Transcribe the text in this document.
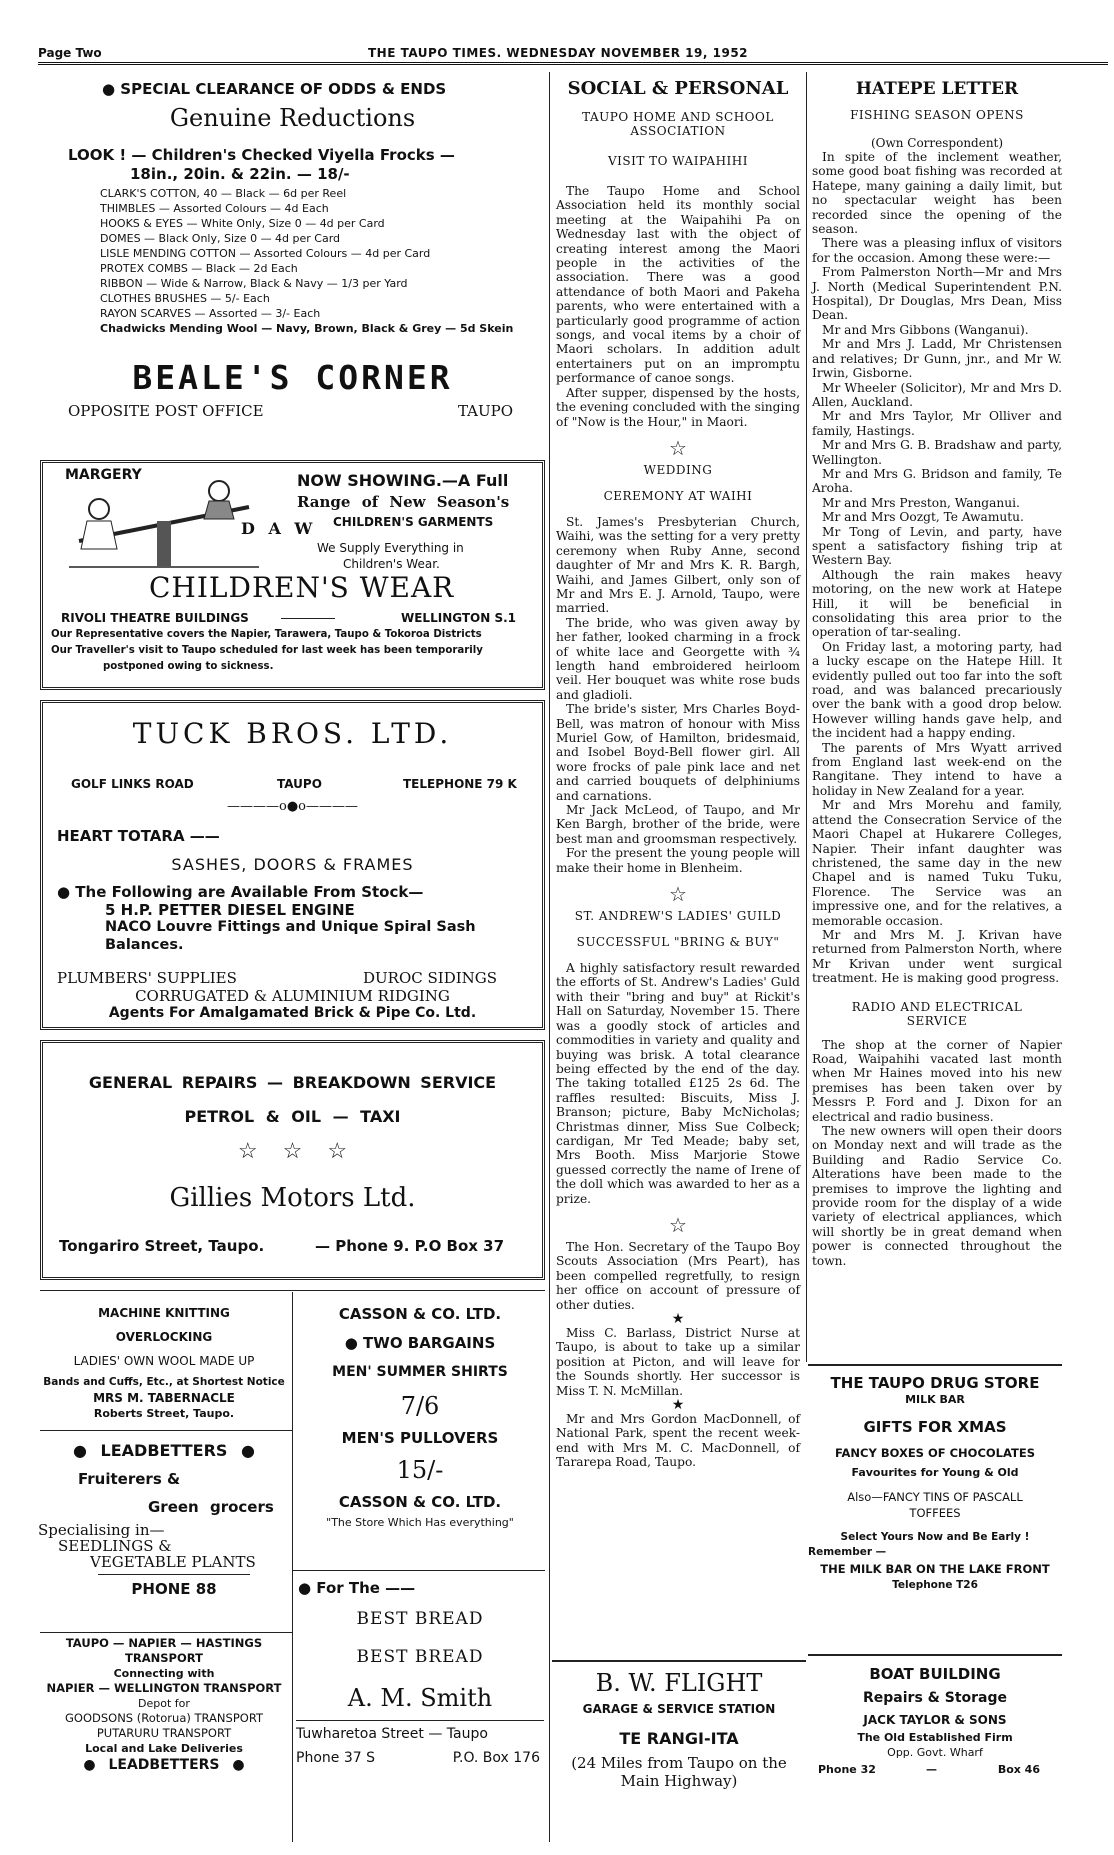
Page Two	THE TAUPO TIMES. WEDNESDAY NOVEMBER 19, 1952
● SPECIAL CLEARANCE OF ODDS & ENDS
Genuine Reductions
LOOK ! — Children's Checked Viyella Frocks —
18in., 20in. & 22in. — 18/-
CLARK'S COTTON, 40 — Black — 6d per Reel
THIMBLES — Assorted Colours — 4d Each
HOOKS & EYES — White Only, Size 0 — 4d per Card
DOMES — Black Only, Size 0 — 4d per Card
LISLE MENDING COTTON — Assorted Colours — 4d per Card
PROTEX COMBS — Black — 2d Each
RIBBON — Wide & Narrow, Black & Navy — 1/3 per Yard
CLOTHES BRUSHES — 5/- Each
RAYON SCARVES — Assorted — 3/- Each
Chadwicks Mending Wool — Navy, Brown, Black & Grey — 5d Skein
BEALE'S CORNER
OPPOSITE POST OFFICE	TAUPO
MARGERY
D A W
NOW SHOWING.—A Full
Range of New Season's
CHILDREN'S GARMENTS
We Supply Everything in
Children's Wear.
CHILDREN'S WEAR
RIVOLI THEATRE BUILDINGS	WELLINGTON S.1
Our Representative covers the Napier, Tarawera, Taupo & Tokoroa Districts
Our Traveller's visit to Taupo scheduled for last week has been temporarily
postponed owing to sickness.
TUCK BROS. LTD.
GOLF LINKS ROAD	TAUPO	TELEPHONE 79 K
————o●o————
HEART TOTARA ——
SASHES, DOORS & FRAMES
● The Following are Available From Stock—
5 H.P. PETTER DIESEL ENGINE
NACO Louvre Fittings and Unique Spiral Sash
Balances.
PLUMBERS' SUPPLIES	DUROC SIDINGS
CORRUGATED & ALUMINIUM RIDGING
Agents For Amalgamated Brick & Pipe Co. Ltd.
GENERAL REPAIRS — BREAKDOWN SERVICE
PETROL & OIL — TAXI
☆ ☆ ☆
Gillies Motors Ltd.
Tongariro Street, Taupo.	— Phone 9. P.O Box 37
MACHINE KNITTING
OVERLOCKING
LADIES' OWN WOOL MADE UP
Bands and Cuffs, Etc., at Shortest Notice
MRS M. TABERNACLE
Roberts Street, Taupo.
● LEADBETTERS ●
Fruiterers &
Green grocers
Specialising in—
SEEDLINGS &
VEGETABLE PLANTS
PHONE 88
TAUPO — NAPIER — HASTINGS
TRANSPORT
Connecting with
NAPIER — WELLINGTON TRANSPORT
Depot for
GOODSONS (Rotorua) TRANSPORT
PUTARURU TRANSPORT
Local and Lake Deliveries
● LEADBETTERS ●
CASSON & CO. LTD.
● TWO BARGAINS
MEN' SUMMER SHIRTS
7/6
MEN'S PULLOVERS
15/-
CASSON & CO. LTD.
"The Store Which Has everything"
● For The ——
BEST BREAD
BEST BREAD
A. M. Smith
Tuwharetoa Street — Taupo
Phone 37 S	P.O. Box 176
SOCIAL & PERSONAL
TAUPO HOME AND SCHOOL ASSOCIATION
VISIT TO WAIPAHIHI
The Taupo Home and School Association held its monthly social meeting at the Waipahihi Pa on Wednesday last with the object of creating interest among the Maori people in the activities of the association. There was a good attendance of both Maori and Pakeha parents, who were entertained with a particularly good programme of action songs, and vocal items by a choir of Maori scholars. In addition adult entertainers put on an impromptu performance of canoe songs.
After supper, dispensed by the hosts, the evening concluded with the singing of "Now is the Hour," in Maori.
☆
WEDDING
CEREMONY AT WAIHI
St. James's Presbyterian Church, Waihi, was the setting for a very pretty ceremony when Ruby Anne, second daughter of Mr and Mrs K. R. Bargh, Waihi, and James Gilbert, only son of Mr and Mrs E. J. Arnold, Taupo, were married.
The bride, who was given away by her father, looked charming in a frock of white lace and Georgette with ¾ length hand embroidered heirloom veil. Her bouquet was white rose buds and gladioli.
The bride's sister, Mrs Charles Boyd-Bell, was matron of honour with Miss Muriel Gow, of Hamilton, bridesmaid, and Isobel Boyd-Bell flower girl. All wore frocks of pale pink lace and net and carried bouquets of delphiniums and carnations.
Mr Jack McLeod, of Taupo, and Mr Ken Bargh, brother of the bride, were best man and groomsman respectively.
For the present the young people will make their home in Blenheim.
☆
ST. ANDREW'S LADIES' GUILD
SUCCESSFUL "BRING & BUY"
A highly satisfactory result rewarded the efforts of St. Andrew's Ladies' Guld with their "bring and buy" at Rickit's Hall on Saturday, November 15. There was a goodly stock of articles and commodities in variety and quality and buying was brisk. A total clearance being effected by the end of the day. The taking totalled £125 2s 6d. The raffles resulted: Biscuits, Miss J. Branson; picture, Baby McNicholas; Christmas dinner, Miss Sue Colbeck; cardigan, Mr Ted Meade; baby set, Mrs Booth. Miss Marjorie Stowe guessed correctly the name of Irene of the doll which was awarded to her as a prize.
☆
The Hon. Secretary of the Taupo Boy Scouts Association (Mrs Peart), has been compelled regretfully, to resign her office on account of pressure of other duties.
★
Miss C. Barlass, District Nurse at Taupo, is about to take up a similar position at Picton, and will leave for the Sounds shortly. Her successor is Miss T. N. McMillan.
★
Mr and Mrs Gordon MacDonnell, of National Park, spent the recent week-end with Mrs M. C. MacDonnell, of Tararepa Road, Taupo.
B. W. FLIGHT
GARAGE & SERVICE STATION
TE RANGI-ITA
(24 Miles from Taupo on the
Main Highway)
HATEPE LETTER
FISHING SEASON OPENS
(Own Correspondent)
In spite of the inclement weather, some good boat fishing was recorded at Hatepe, many gaining a daily limit, but no spectacular weight has been recorded since the opening of the season.
There was a pleasing influx of visitors for the occasion. Among these were:—
From Palmerston North—Mr and Mrs J. North (Medical Superintendent P.N. Hospital), Dr Douglas, Mrs Dean, Miss Dean.
Mr and Mrs Gibbons (Wanganui).
Mr and Mrs J. Ladd, Mr Christensen and relatives; Dr Gunn, jnr., and Mr W. Irwin, Gisborne.
Mr Wheeler (Solicitor), Mr and Mrs D. Allen, Auckland.
Mr and Mrs Taylor, Mr Olliver and family, Hastings.
Mr and Mrs G. B. Bradshaw and party, Wellington.
Mr and Mrs G. Bridson and family, Te Aroha.
Mr and Mrs Preston, Wanganui.
Mr and Mrs Oozgt, Te Awamutu.
Mr Tong of Levin, and party, have spent a satisfactory fishing trip at Western Bay.
Although the rain makes heavy motoring, on the new work at Hatepe Hill, it will be beneficial in consolidating this area prior to the operation of tar-sealing.
On Friday last, a motoring party, had a lucky escape on the Hatepe Hill. It evidently pulled out too far into the soft road, and was balanced precariously over the bank with a good drop below. However willing hands gave help, and the incident had a happy ending.
The parents of Mrs Wyatt arrived from England last week-end on the Rangitane. They intend to have a holiday in New Zealand for a year.
Mr and Mrs Morehu and family, attend the Consecration Service of the Maori Chapel at Hukarere Colleges, Napier. Their infant daughter was christened, the same day in the new Chapel and is named Tuku Tuku, Florence. The Service was an impressive one, and for the relatives, a memorable occasion.
Mr and Mrs M. J. Krivan have returned from Palmerston North, where Mr Krivan under went surgical treatment. He is making good progress.
RADIO AND ELECTRICAL SERVICE
The shop at the corner of Napier Road, Waipahihi vacated last month when Mr Haines moved into his new premises has been taken over by Messrs P. Ford and J. Dixon for an electrical and radio business.
The new owners will open their doors on Monday next and will trade as the Building and Radio Service Co. Alterations have been made to the premises to improve the lighting and provide room for the display of a wide variety of electrical appliances, which will shortly be in great demand when power is connected throughout the town.
THE TAUPO DRUG STORE
MILK BAR
GIFTS FOR XMAS
FANCY BOXES OF CHOCOLATES
Favourites for Young & Old
Also—FANCY TINS OF PASCALL
TOFFEES
Select Yours Now and Be Early !
Remember —
THE MILK BAR ON THE LAKE FRONT
Telephone T26
BOAT BUILDING
Repairs & Storage
JACK TAYLOR & SONS
The Old Established Firm
Opp. Govt. Wharf
Phone 32	—	Box 46
